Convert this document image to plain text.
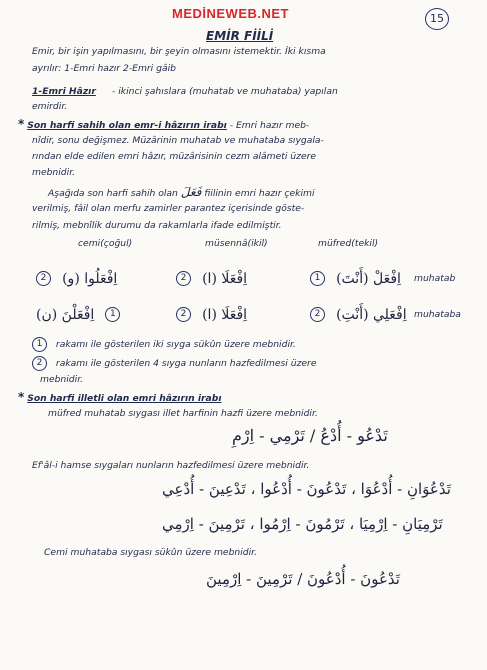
MEDİNEWEB.NET	15
EMİR FİİLİ
Emir, bir işin yapılmasını, bir şeyin olmasını istemektir. İki kısma
ayrılır: 1-Emri hazır 2-Emri gâib
1-Emri Hâzır - ikinci şahıslara (muhatab ve muhataba) yapılan
emirdir.
* Son harfi sahih olan emr-i hâzırın irabı - Emri hazır meb-
nîdir, sonu değişmez. Müzârinin muhatab ve muhataba sıygala-
rından elde edilen emri hâzır, müzârisinin cezm alâmeti üzere
mebnidir.
Aşağıda son harfi sahih olan فَعَلَ fiilinin emri hazır çekimi
verilmiş, fâil olan merfu zamirler parantez içerisinde göste-
rilmiş, mebnîlik durumu da rakamlarla ifade edilmiştir.
cemi(çoğul)	müsennâ(ikil)	müfred(tekil)
2 اِفْعَلُوا (و)	2 اِفْعَلَا (ا)	1 اِفْعَلْ (أَنْتَ) muhatab
اِفْعَلْنَ (ن) 1	2 اِفْعَلَا (ا)	2 اِفْعَلِي (أَنْتِ) muhataba
1 rakamı ile gösterilen iki sıyga sükûn üzere mebnidir.
2 rakamı ile gösterilen 4 sıyga nunların hazfedilmesi üzere
mebnidir.
* Son harfi illetli olan emri hâzırın irabı
müfred muhatab sıygası illet harfinin hazfi üzere mebnidir.
تَدْعُو - أُدْعُ / تَرْمِي - اِرْمِ
Ef'âl-i hamse sıygaları nunların hazfedilmesi üzere mebnidir.
تَدْعُوَانِ - أُدْعُوَا ، تَدْعُونَ - أُدْعُوا ، تَدْعِينَ - أُدْعِي
تَرْمِيَانِ - اِرْمِيَا ، تَرْمُونَ - اِرْمُوا ، تَرْمِينَ - اِرْمِي
Cemi muhataba sıygası sükûn üzere mebnidir.
تَدْعُونَ - أُدْعُونَ / تَرْمِينَ - اِرْمِينَ
